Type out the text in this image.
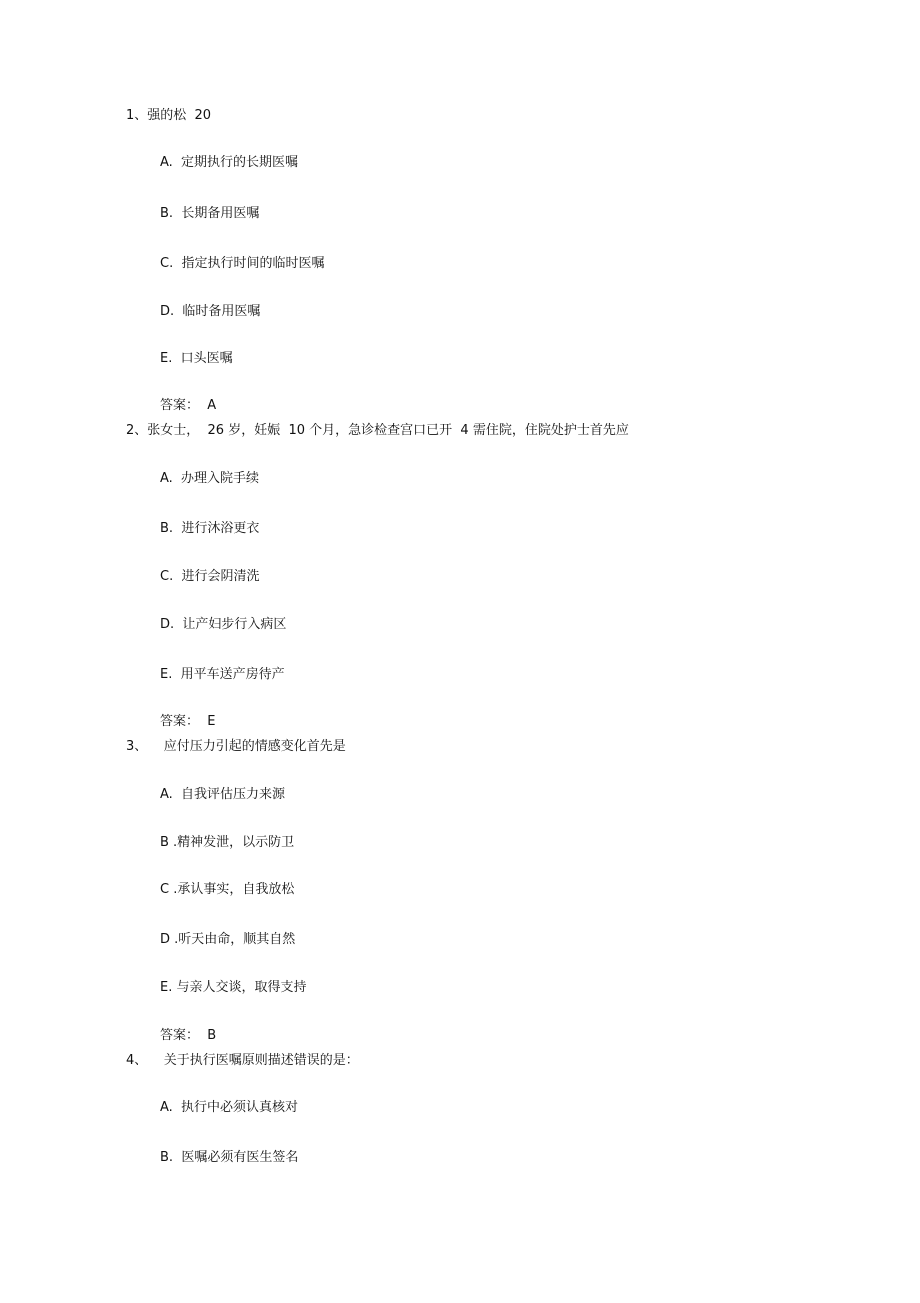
1、强的松  20
A.  定期执行的长期医嘱
B.  长期备用医嘱
C.  指定执行时间的临时医嘱
D.  临时备用医嘱
E.  口头医嘱
答案：  A
2、张女士，  26 岁，妊娠  10 个月，急诊检查宫口已开  4 需住院，住院处护士首先应
A.  办理入院手续
B.  进行沐浴更衣
C.  进行会阴清洗
D.  让产妇步行入病区
E.  用平车送产房待产
答案：  E
3、    应付压力引起的情感变化首先是
A.  自我评估压力来源
B .精神发泄，以示防卫
C .承认事实，自我放松
D .听天由命，顺其自然
E. 与亲人交谈，取得支持
答案：  B
4、    关于执行医嘱原则描述错误的是：
A.  执行中必须认真核对
B.  医嘱必须有医生签名
